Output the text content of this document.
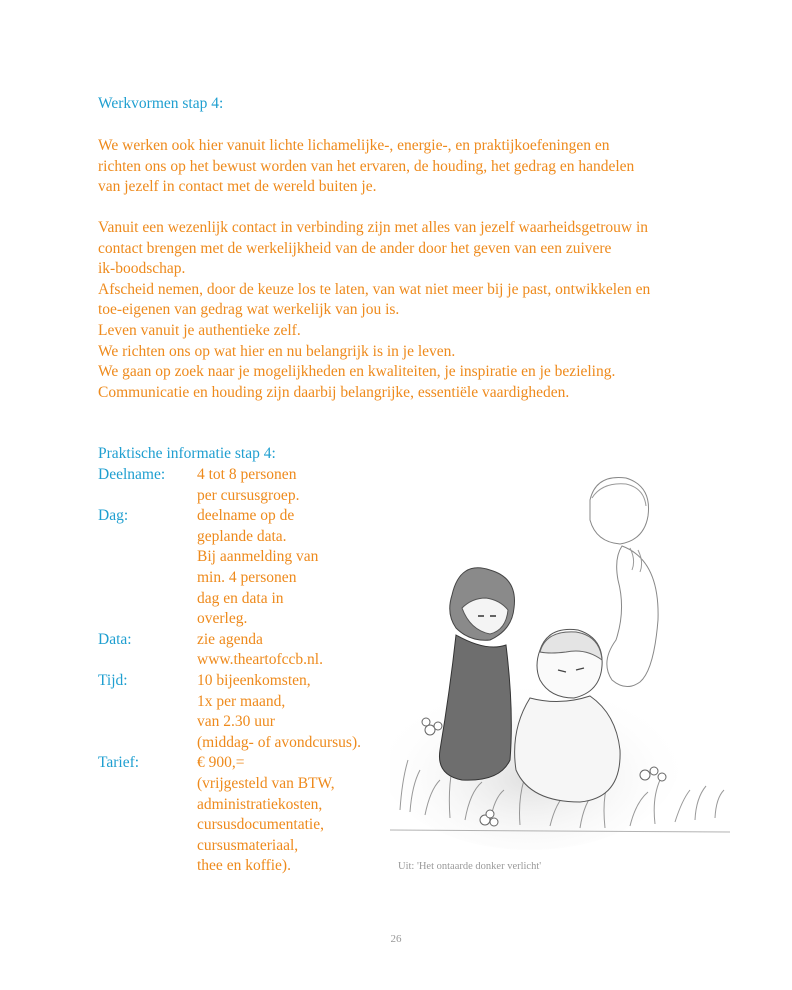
Werkvormen stap 4:
We werken ook hier vanuit lichte lichamelijke-, energie-, en praktijkoefeningen en
richten ons op het bewust worden van het ervaren, de houding, het gedrag en handelen
van jezelf in contact met de wereld buiten je.
Vanuit een wezenlijk contact in verbinding zijn met alles van jezelf waarheidsgetrouw in
contact brengen met de werkelijkheid van de ander door het geven van een zuivere
ik-boodschap.
Afscheid nemen, door de keuze los te laten, van wat niet meer bij je past, ontwikkelen en
toe-eigenen van gedrag wat werkelijk van jou is.
Leven vanuit je authentieke zelf.
We richten ons op wat hier en nu belangrijk is in je leven.
We gaan op zoek naar je mogelijkheden en kwaliteiten, je inspiratie en je bezieling.
Communicatie en houding zijn daarbij belangrijke, essentiële vaardigheden.
Praktische informatie stap 4:
Deelname:	4 tot 8 personen
per cursusgroep.
Dag:	deelname op de
geplande data.
Bij aanmelding van
min. 4 personen
dag en data in
overleg.
Data:	zie agenda
www.theartofccb.nl.
Tijd:	10 bijeenkomsten,
1x per maand,
van 2.30 uur
(middag- of avondcursus).
Tarief:	€ 900,=
(vrijgesteld van BTW,
administratiekosten,
cursusdocumentatie,
cursusmateriaal,
thee en koffie).	Uit: 'Het ontaarde donker verlicht'
26
